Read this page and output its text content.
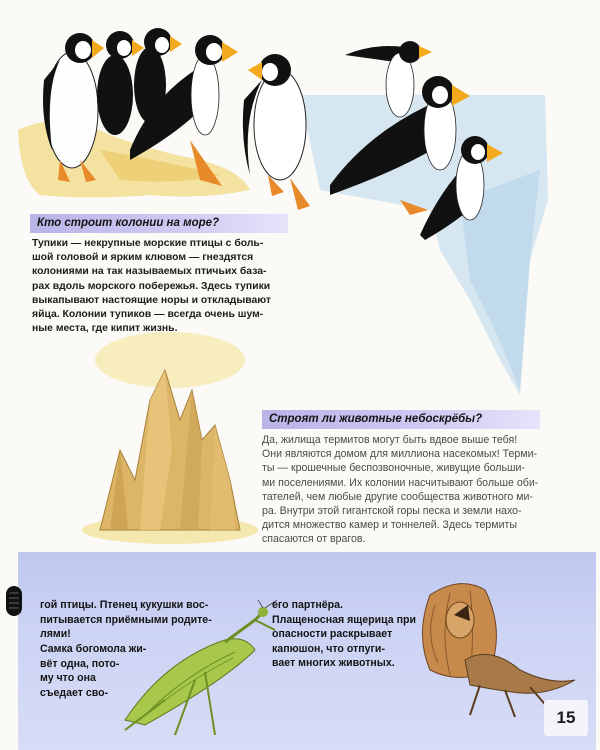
Кто строит колонии на море?
Тупики — некрупные морские птицы с боль-
шой головой и ярким клювом — гнездятся
колониями на так называемых птичьих база-
рах вдоль морского побережья. Здесь тупики
выкапывают настоящие норы и откладывают
яйца. Колонии тупиков — всегда очень шум-
ные места, где кипит жизнь.
Строят ли животные небоскрёбы?
Да, жилища термитов могут быть вдвое выше тебя!
Они являются домом для миллиона насекомых! Терми-
ты — крошечные беспозвоночные, живущие больши-
ми поселениями. Их колонии насчитывают больше оби-
тателей, чем любые другие сообщества животного ми-
ра. Внутри этой гигантской горы песка и земли нахо-
дится множество камер и тоннелей. Здесь термиты
спасаются от врагов.
гой птицы. Птенец кукушки вос-
питывается приёмными родите-
лями!
Самка богомола жи-
вёт одна, пото-
му что она
съедает сво-
его партнёра.
Плащеносная ящерица при
опасности раскрывает
капюшон, что отпуги-
вает многих животных.
15
